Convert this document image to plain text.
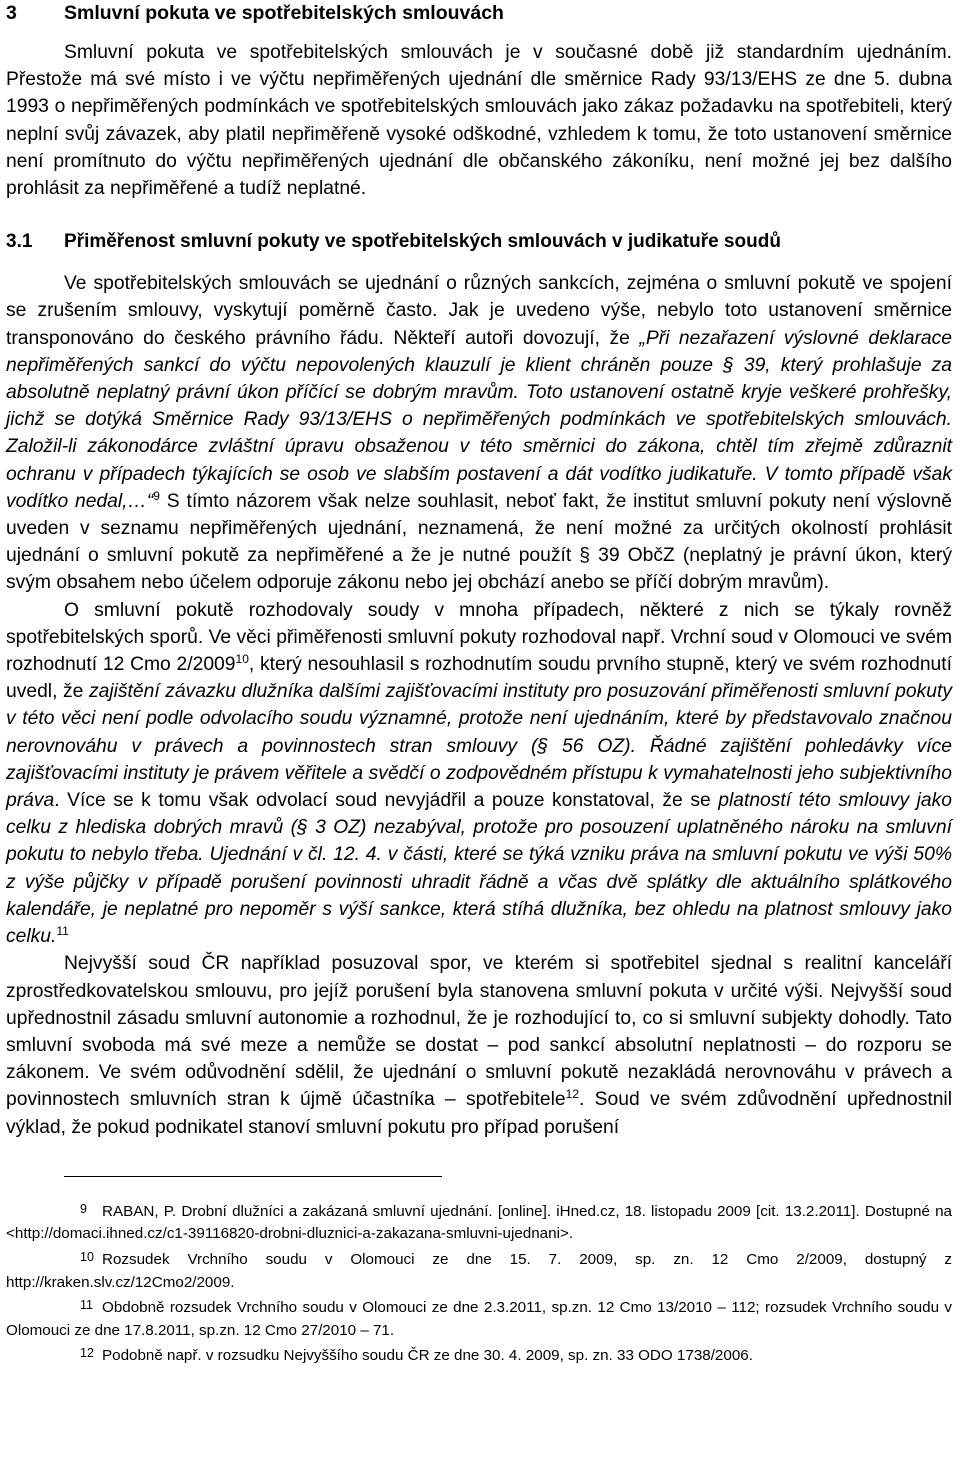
3 Smluvní pokuta ve spotřebitelských smlouvách

Smluvní pokuta ve spotřebitelských smlouvách je v současné době již standardním ujednáním. Přestože má své místo i ve výčtu nepřiměřených ujednání dle směrnice Rady 93/13/EHS ze dne 5. dubna 1993 o nepřiměřených podmínkách ve spotřebitelských smlouvách jako zákaz požadavku na spotřebiteli, který neplní svůj závazek, aby platil nepřiměřeně vysoké odškodné, vzhledem k tomu, že toto ustanovení směrnice není promítnuto do výčtu nepřiměřených ujednání dle občanského zákoníku, není možné jej bez dalšího prohlásit za nepřiměřené a tudíž neplatné.

3.1 Přiměřenost smluvní pokuty ve spotřebitelských smlouvách v judikatuře soudů

Ve spotřebitelských smlouvách se ujednání o různých sankcích, zejména o smluvní pokutě ve spojení se zrušením smlouvy, vyskytují poměrně často. Jak je uvedeno výše, nebylo toto ustanovení směrnice transponováno do českého právního řádu. Někteří autoři dovozují, že „Při nezařazení výslovné deklarace nepřiměřených sankcí do výčtu nepovolených klauzulí je klient chráněn pouze § 39, který prohlašuje za absolutně neplatný právní úkon příčící se dobrým mravům. Toto ustanovení ostatně kryje veškeré prohřešky, jichž se dotýká Směrnice Rady 93/13/EHS o nepřiměřených podmínkách ve spotřebitelských smlouvách. Založil-li zákonodárce zvláštní úpravu obsaženou v této směrnici do zákona, chtěl tím zřejmě zdůraznit ochranu v případech týkajících se osob ve slabším postavení a dát vodítko judikatuře. V tomto případě však vodítko nedal,…“$^9$ S tímto názorem však nelze souhlasit, neboť fakt, že institut smluvní pokuty není výslovně uveden v seznamu nepřiměřených ujednání, neznamená, že není možné za určitých okolností prohlásit ujednání o smluvní pokutě za nepřiměřené a že je nutné použít § 39 ObčZ (neplatný je právní úkon, který svým obsahem nebo účelem odporuje zákonu nebo jej obchází anebo se příčí dobrým mravům).

O smluvní pokutě rozhodovaly soudy v mnoha případech, některé z nich se týkaly rovněž spotřebitelských sporů. Ve věci přiměřenosti smluvní pokuty rozhodoval např. Vrchní soud v Olomouci ve svém rozhodnutí 12 Cmo 2/2009$^{10}$, který nesouhlasil s rozhodnutím soudu prvního stupně, který ve svém rozhodnutí uvedl, že zajištění závazku dlužníka dalšími zajišťovacími instituty pro posuzování přiměřenosti smluvní pokuty v této věci není podle odvolacího soudu významné, protože není ujednáním, které by představovalo značnou nerovnováhu v právech a povinnostech stran smlouvy (§ 56 OZ). Řádné zajištění pohledávky více zajišťovacími instituty je právem věřitele a svědčí o zodpovědném přístupu k vymahatelnosti jeho subjektivního práva. Více se k tomu však odvolací soud nevyjádřil a pouze konstatoval, že se platností této smlouvy jako celku z hlediska dobrých mravů (§ 3 OZ) nezabýval, protože pro posouzení uplatněného nároku na smluvní pokutu to nebylo třeba. Ujednání v čl. 12. 4. v části, které se týká vzniku práva na smluvní pokutu ve výši 50% z výše půjčky v případě porušení povinnosti uhradit řádně a včas dvě splátky dle aktuálního splátkového kalendáře, je neplatné pro nepoměr s výší sankce, která stíhá dlužníka, bez ohledu na platnost smlouvy jako celku.$^{11}$

Nejvyšší soud ČR například posuzoval spor, ve kterém si spotřebitel sjednal s realitní kanceláří zprostředkovatelskou smlouvu, pro jejíž porušení byla stanovena smluvní pokuta v určité výši. Nejvyšší soud upřednostnil zásadu smluvní autonomie a rozhodnul, že je rozhodující to, co si smluvní subjekty dohodly. Tato smluvní svoboda má své meze a nemůže se dostat – pod sankcí absolutní neplatnosti – do rozporu se zákonem. Ve svém odůvodnění sdělil, že ujednání o smluvní pokutě nezakládá nerovnováhu v právech a povinnostech smluvních stran k újmě účastníka – spotřebitele$^{12}$. Soud ve svém zdůvodnění upřednostnil výklad, že pokud podnikatel stanoví smluvní pokutu pro případ porušení

9 RABAN, P. Drobní dlužníci a zakázaná smluvní ujednání. [online]. iHned.cz, 18. listopadu 2009 [cit. 13.2.2011]. Dostupné na <http://domaci.ihned.cz/c1-39116820-drobni-dluznici-a-zakazana-smluvni-ujednani>.

10 Rozsudek Vrchního soudu v Olomouci ze dne 15. 7. 2009, sp. zn. 12 Cmo 2/2009, dostupný z http://kraken.slv.cz/12Cmo2/2009.

11 Obdobně rozsudek Vrchního soudu v Olomouci ze dne 2.3.2011, sp.zn. 12 Cmo 13/2010 – 112; rozsudek Vrchního soudu v Olomouci ze dne 17.8.2011, sp.zn. 12 Cmo 27/2010 – 71.

12 Podobně např. v rozsudku Nejvyššího soudu ČR ze dne 30. 4. 2009, sp. zn. 33 ODO 1738/2006.
